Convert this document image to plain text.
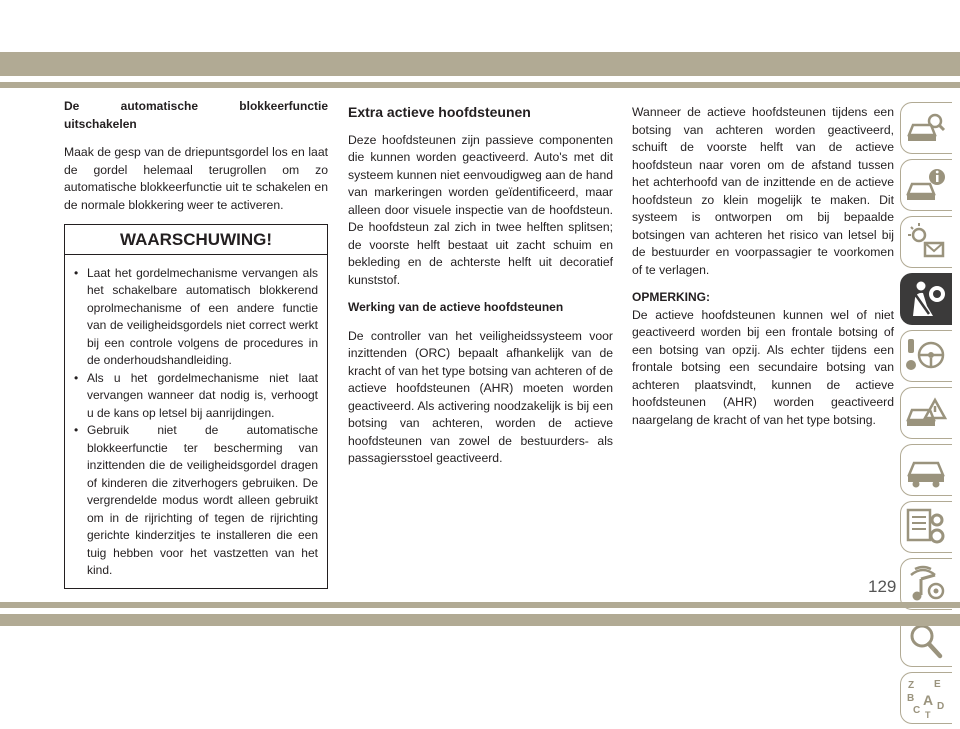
De automatische blokkeerfunctie uitschakelen

Maak de gesp van de driepuntsgordel los en laat de gordel helemaal terugrollen om zo automatische blokkeerfunctie uit te schakelen en de normale blokkering weer te activeren.

WAARSCHUWING!
• Laat het gordelmechanisme vervangen als het schakelbare automatisch blokkerend oprolmechanisme of een andere functie van de veiligheidsgordels niet correct werkt bij een controle volgens de procedures in de onderhoudshandleiding.
• Als u het gordelmechanisme niet laat vervangen wanneer dat nodig is, verhoogt u de kans op letsel bij aanrijdingen.
• Gebruik niet de automatische blokkeerfunctie ter bescherming van inzittenden die de veiligheidsgordel dragen of kinderen die zitverhogers gebruiken. De vergrendelde modus wordt alleen gebruikt om in de rijrichting of tegen de rijrichting gerichte kinderzitjes te installeren die een tuig hebben voor het vastzetten van het kind.
Extra actieve hoofdsteunen

Deze hoofdsteunen zijn passieve componenten die kunnen worden geactiveerd. Auto's met dit systeem kunnen niet eenvoudigweg aan de hand van markeringen worden geïdentificeerd, maar alleen door visuele inspectie van de hoofdsteun. De hoofdsteun zal zich in twee helften splitsen; de voorste helft bestaat uit zacht schuim en bekleding en de achterste helft uit decoratief kunststof.

Werking van de actieve hoofdsteunen

De controller van het veiligheidssysteem voor inzittenden (ORC) bepaalt afhankelijk van de kracht of van het type botsing van achteren of de actieve hoofdsteunen (AHR) moeten worden geactiveerd. Als activering noodzakelijk is bij een botsing van achteren, worden de actieve hoofdsteunen van zowel de bestuurders- als passagiersstoel geactiveerd.

Wanneer de actieve hoofdsteunen tijdens een botsing van achteren worden geactiveerd, schuift de voorste helft van de actieve hoofdsteun naar voren om de afstand tussen het achterhoofd van de inzittende en de actieve hoofdsteun zo klein mogelijk te maken. Dit systeem is ontworpen om bij bepaalde botsingen van achteren het risico van letsel bij de bestuurder en voorpassagier te voorkomen of te verlagen.

OPMERKING:

De actieve hoofdsteunen kunnen wel of niet geactiveerd worden bij een frontale botsing of een botsing van opzij. Als echter tijdens een frontale botsing een secundaire botsing van achteren plaatsvindt, kunnen de actieve hoofdsteunen (AHR) worden geactiveerd naargelang de kracht of van het type botsing.

Z E
B A
C D
T
129
